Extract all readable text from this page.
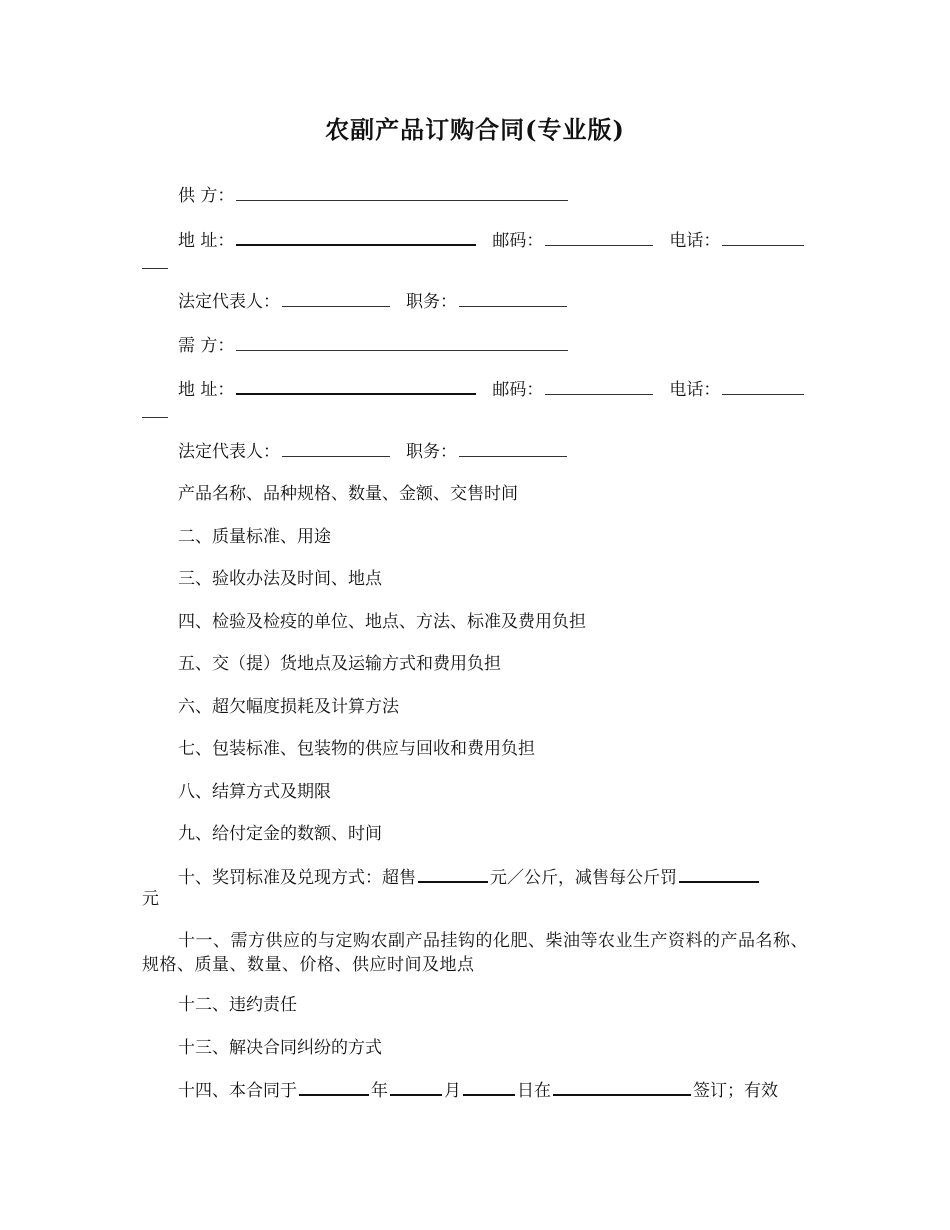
农副产品订购合同(专业版)
供 方：
地 址：	邮码：	电话：
法定代表人：	职务：
需 方：
地 址：	邮码：	电话：
法定代表人：	职务：
产品名称、品种规格、数量、金额、交售时间
二、质量标准、用途
三、验收办法及时间、地点
四、检验及检疫的单位、地点、方法、标准及费用负担
五、交（提）货地点及运输方式和费用负担
六、超欠幅度损耗及计算方法
七、包装标准、包装物的供应与回收和费用负担
八、结算方式及期限
九、给付定金的数额、时间
十、奖罚标准及兑现方式：超售	元／公斤，减售每公斤罚
元
十一、需方供应的与定购农副产品挂钩的化肥、柴油等农业生产资料的产品名称、规格、质量、数量、价格、供应时间及地点
十二、违约责任
十三、解决合同纠纷的方式
十四、本合同于	年	月	日在	签订；有效
